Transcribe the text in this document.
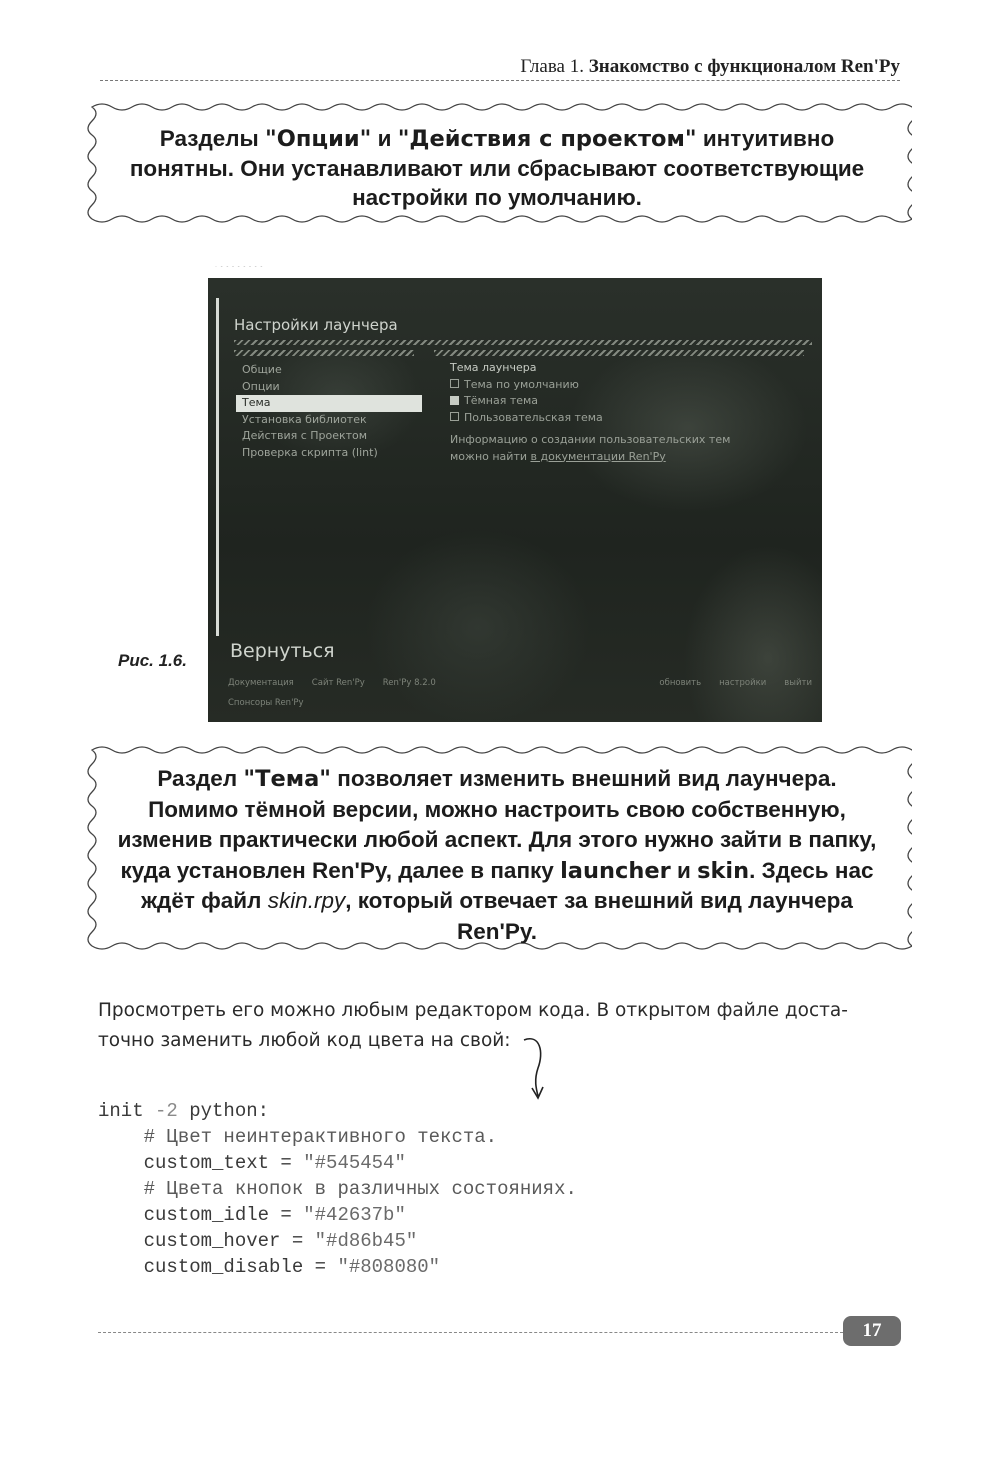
Глава 1. Знакомство с функционалом Ren'Py
Разделы "Опции" и "Действия с проектом" интуитивно понятны. Они устанавливают или сбрасывают соответствующие настройки по умолчанию.
· - - - - - - - -
Рис. 1.6.
Настройки лаунчера
Общие
Опции
Тема
Установка библиотек
Действия с Проектом
Проверка скрипта (lint)
Тема лаунчера
Тема по умолчанию
Тёмная тема
Пользовательская тема
Информацию о создании пользовательских тем
можно найти в документации Ren'Py
Вернуться
Документация Сайт Ren'Py Ren'Py 8.2.0	обновить настройки выйти
Спонсоры Ren'Py
Раздел "Тема" позволяет изменить внешний вид лаунчера. Помимо тёмной версии, можно настроить свою собственную, изменив практически любой аспект. Для этого нужно зайти в папку, куда установлен Ren'Py, далее в папку launcher и skin. Здесь нас ждёт файл skin.rpy, который отвечает за внешний вид лаунчера Ren'Py.
Просмотреть его можно любым редактором кода. В открытом файле доста-
точно заменить любой код цвета на свой:
init -2 python:
# Цвет неинтерактивного текста.
custom_text = "#545454"
# Цвета кнопок в различных состояниях.
custom_idle = "#42637b"
custom_hover = "#d86b45"
custom_disable = "#808080"
17
